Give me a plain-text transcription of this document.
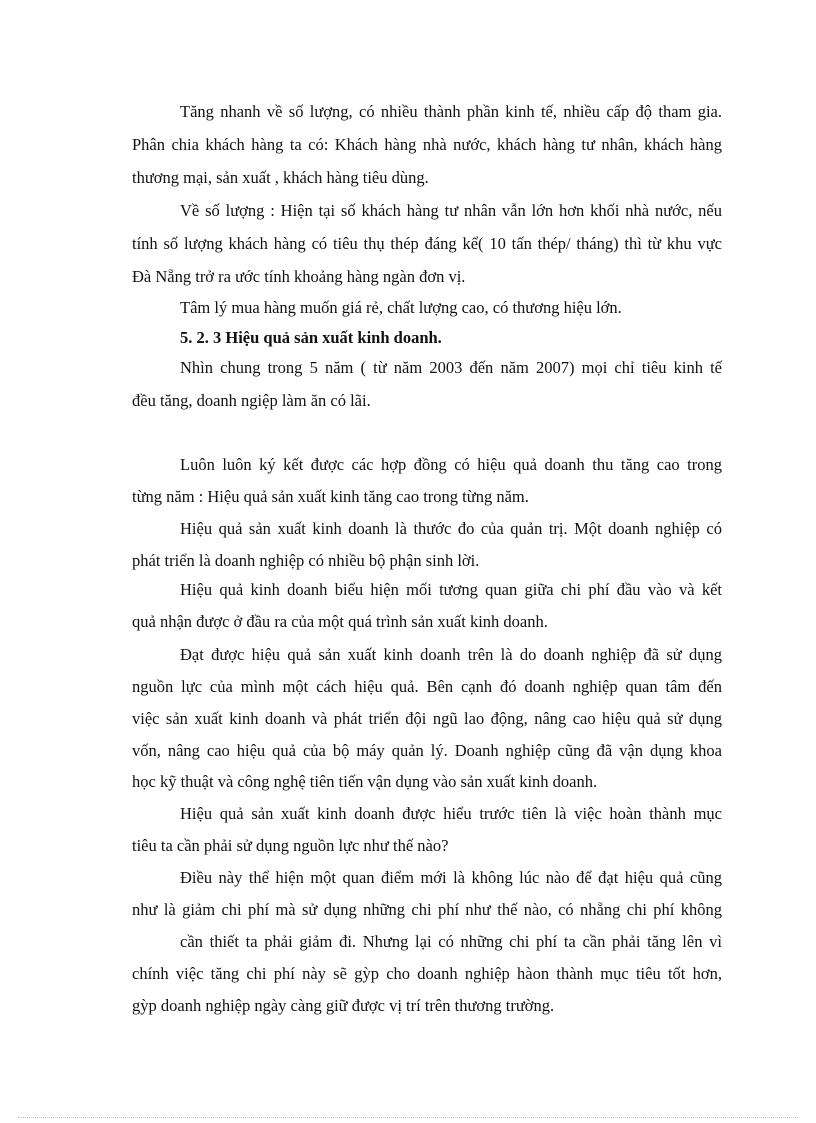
Tăng nhanh về số lượng, có nhiều thành phần kinh tế, nhiều cấp độ tham gia.
Phân chia khách hàng ta có: Khách hàng nhà nước, khách hàng tư nhân, khách hàng
thương mại, sản xuất , khách hàng tiêu dùng.
Về số lượng : Hiện tại số khách hàng tư nhân vẫn lớn hơn khối nhà nước, nếu
tính số lượng khách hàng có tiêu thụ thép đáng kể( 10 tấn thép/ tháng) thì từ khu vực
Đà Nẵng trở ra ước tính khoảng hàng ngàn đơn vị.
Tâm lý mua hàng muốn giá rẻ, chất lượng cao, có thương hiệu lớn.
5. 2. 3 Hiệu quả sản xuất kinh doanh.
Nhìn chung trong 5 năm ( từ năm 2003 đến năm 2007) mọi chỉ tiêu kinh tế
đều tăng, doanh ngiệp làm ăn có lãi.
Luôn luôn ký kết được các hợp đồng có hiệu quả doanh thu tăng cao trong
từng năm : Hiệu quả sản xuất kinh tăng cao trong từng năm.
Hiệu quả sản xuất kinh doanh là thước đo của quản trị. Một doanh nghiệp có
phát triển là doanh nghiệp có nhiều bộ phận sinh lời.
Hiệu quả kinh doanh biểu hiện mối tương quan giữa chi phí đầu vào và kết
quả nhận được ở đầu ra của một quá trình sản xuất kinh doanh.
Đạt được hiệu quả sản xuất kinh doanh trên là do doanh nghiệp đã sử dụng
nguồn lực của mình một cách hiệu quả. Bên cạnh đó doanh nghiệp quan tâm đến
việc sản xuất kinh doanh và phát triển đội ngũ lao động, nâng cao hiệu quả sử dụng
vốn, nâng cao hiệu quả của bộ máy quản lý. Doanh nghiệp cũng đã vận dụng khoa
học kỹ thuật và công nghệ tiên tiến vận dụng vào sản xuất kinh doanh.
Hiệu quả sản xuất kinh doanh được hiểu trước tiên là việc hoàn thành mục
tiêu ta cần phải sử dụng nguồn lực như thế nào?
Điều này thể hiện một quan điểm mới là không lúc nào để đạt hiệu quả cũng
như là giảm chi phí mà sử dụng những chi phí như thế nào, có nhẵng chi phí không
cần thiết ta phải giảm đi. Nhưng lại có những chi phí ta cần phải tăng lên vì
chính việc tăng chi phí này sẽ gỳp cho doanh nghiệp hàon thành mục tiêu tốt hơn,
gỳp doanh nghiệp ngày càng giữ được vị trí trên thương trường.
